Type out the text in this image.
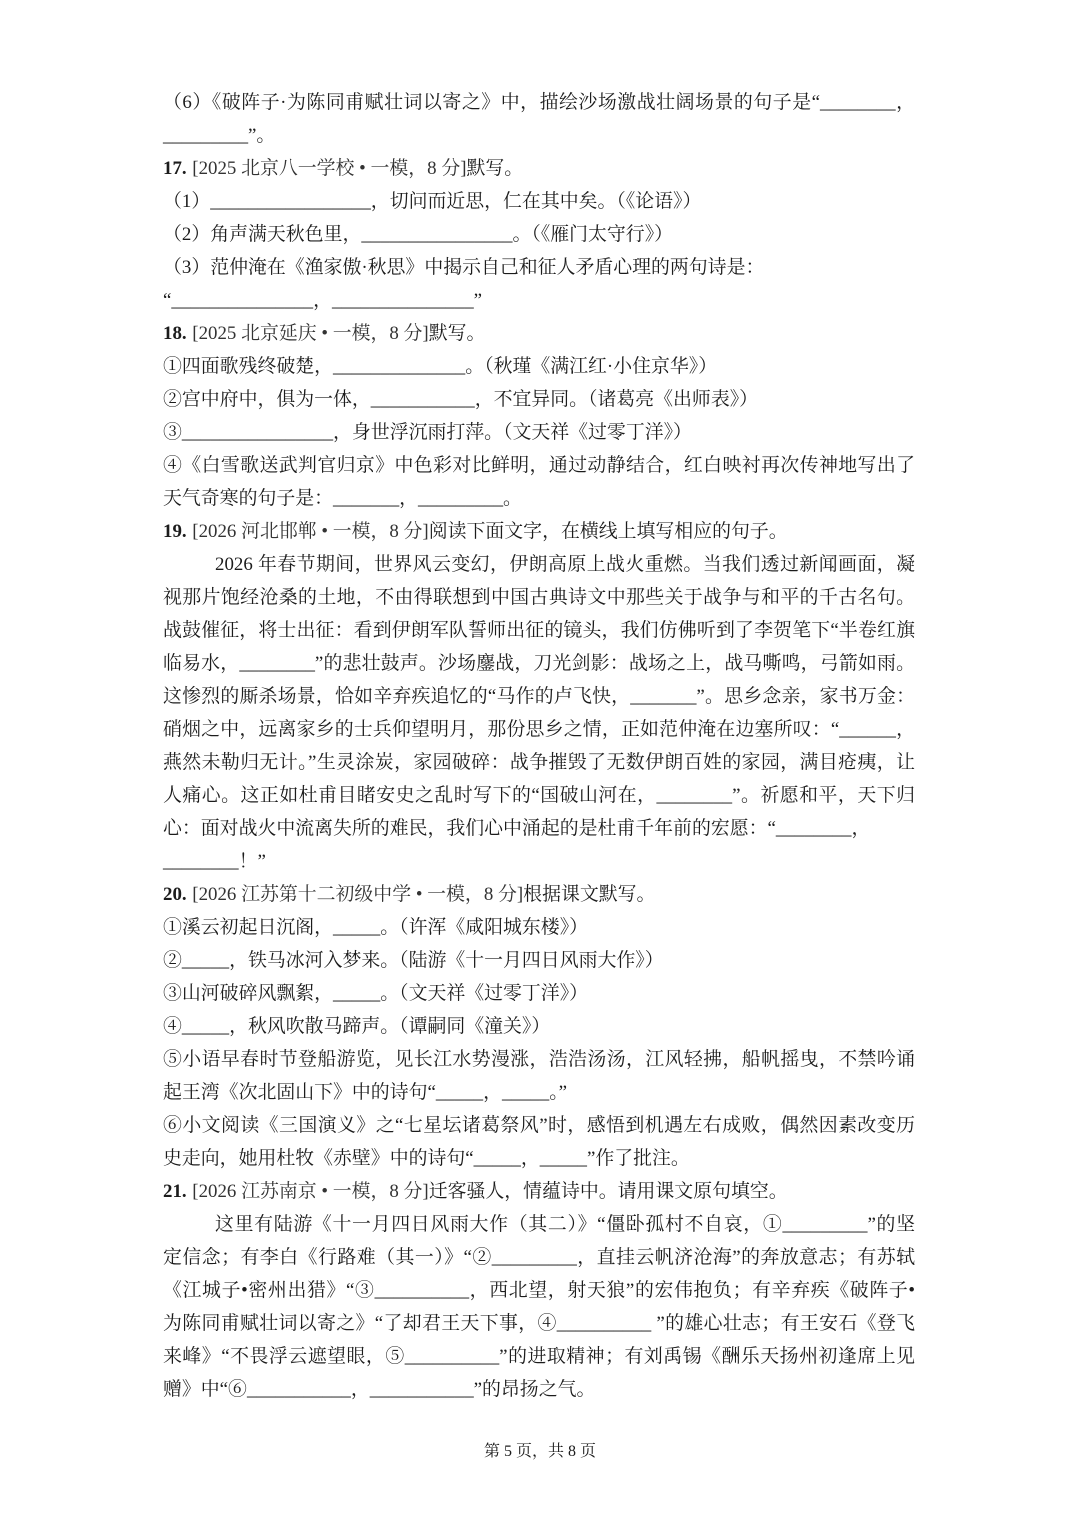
（6）《破阵子·为陈同甫赋壮词以寄之》中，描绘沙场激战壮阔场景的句子是“________，
_________”。
17. [2025 北京八一学校 • 一模，8 分]默写。
（1）_________________，切问而近思，仁在其中矣。（《论语》）
（2）角声满天秋色里，________________。（《雁门太守行》）
（3）范仲淹在《渔家傲·秋思》中揭示自己和征人矛盾心理的两句诗是：
“_______________，_______________”
18. [2025 北京延庆 • 一模，8 分]默写。
①四面歌残终破楚，______________。（秋瑾《满江红·小住京华》）
②宫中府中，俱为一体，___________，不宜异同。（诸葛亮《出师表》）
③________________，身世浮沉雨打萍。（文天祥《过零丁洋》）
④《白雪歌送武判官归京》中色彩对比鲜明，通过动静结合，红白映衬再次传神地写出了
天气奇寒的句子是：_______，_________。
19. [2026 河北邯郸 • 一模，8 分]阅读下面文字，在横线上填写相应的句子。
2026 年春节期间，世界风云变幻，伊朗高原上战火重燃。当我们透过新闻画面，凝
视那片饱经沧桑的土地，不由得联想到中国古典诗文中那些关于战争与和平的千古名句。
战鼓催征，将士出征：看到伊朗军队誓师出征的镜头，我们仿佛听到了李贺笔下“半卷红旗
临易水，________”的悲壮鼓声。沙场鏖战，刀光剑影：战场之上，战马嘶鸣，弓箭如雨。
这惨烈的厮杀场景，恰如辛弃疾追忆的“马作的卢飞快，_______”。思乡念亲，家书万金：
硝烟之中，远离家乡的士兵仰望明月，那份思乡之情，正如范仲淹在边塞所叹：“______，
燕然未勒归无计。”生灵涂炭，家园破碎：战争摧毁了无数伊朗百姓的家园，满目疮痍，让
人痛心。这正如杜甫目睹安史之乱时写下的“国破山河在，________”。祈愿和平，天下归
心：面对战火中流离失所的难民，我们心中涌起的是杜甫千年前的宏愿：“________，
________！”
20. [2026 江苏第十二初级中学 • 一模，8 分]根据课文默写。
①溪云初起日沉阁，_____。（许浑《咸阳城东楼》）
②_____，铁马冰河入梦来。（陆游《十一月四日风雨大作》）
③山河破碎风飘絮，_____。（文天祥《过零丁洋》）
④_____，秋风吹散马蹄声。（谭嗣同《潼关》）
⑤小语早春时节登船游览，见长江水势漫涨，浩浩汤汤，江风轻拂，船帆摇曳，不禁吟诵
起王湾《次北固山下》中的诗句“_____，_____。”
⑥小文阅读《三国演义》之“七星坛诸葛祭风”时，感悟到机遇左右成败，偶然因素改变历
史走向，她用杜牧《赤壁》中的诗句“_____，_____”作了批注。
21. [2026 江苏南京 • 一模，8 分]迁客骚人，情蕴诗中。请用课文原句填空。
这里有陆游《十一月四日风雨大作（其二）》“僵卧孤村不自哀，①_________”的坚
定信念；有李白《行路难（其一）》“②_________，直挂云帆济沧海”的奔放意志；有苏轼
《江城子•密州出猎》“③__________，西北望，射天狼”的宏伟抱负；有辛弃疾《破阵子•
为陈同甫赋壮词以寄之》“了却君王天下事，④__________ ”的雄心壮志；有王安石《登飞
来峰》“不畏浮云遮望眼，⑤__________”的进取精神；有刘禹锡《酬乐天扬州初逢席上见
赠》中“⑥___________，___________”的昂扬之气。
第 5 页，共 8 页
